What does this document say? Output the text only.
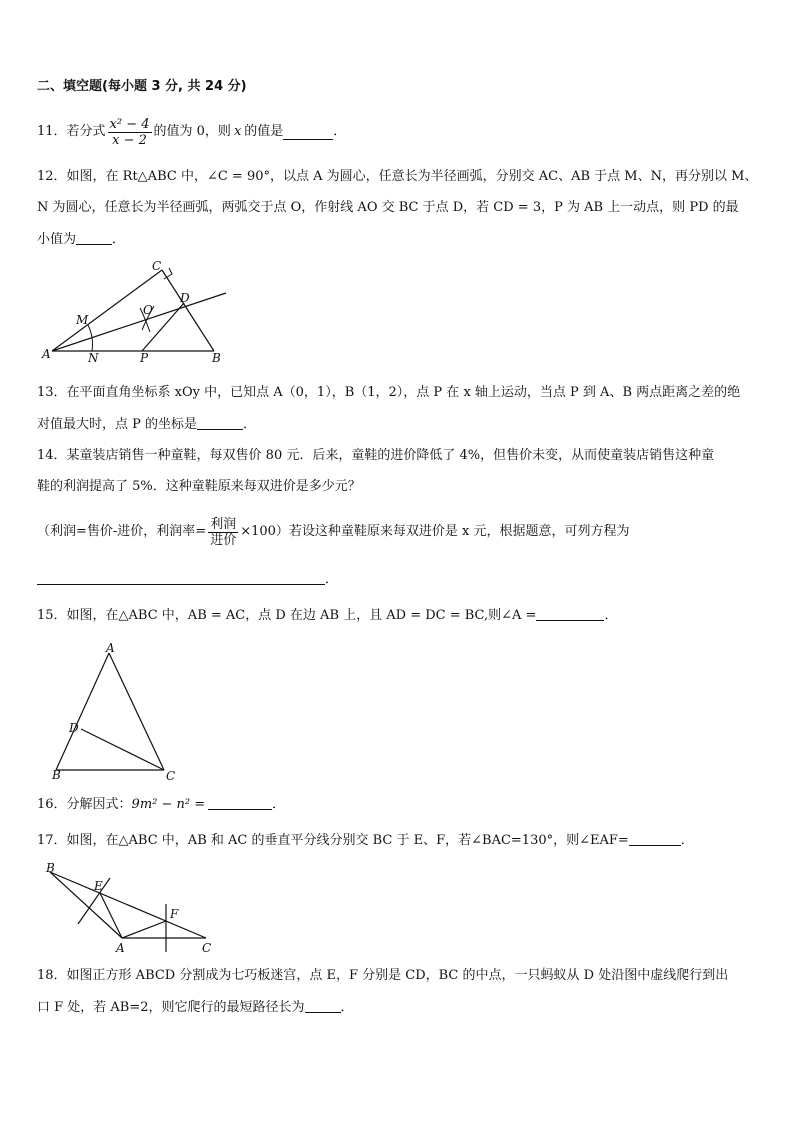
二、填空题(每小题 3 分, 共 24 分)
11．若分式 $\frac{\text{x² − 4}}{x - 2}$ 的值为 0，则 x 的值是	．
12．如图，在 Rt△ABC 中，∠C = 90°，以点 A 为圆心，任意长为半径画弧，分别交 AC、AB 于点 M、N，再分别以 M、
N 为圆心，任意长为半径画弧，两弧交于点 O，作射线 AO 交 BC 于点 D，若 CD = 3，P 为 AB 上一动点，则 PD 的最
小值为	．
C
D
O
M
A	N	P	B
13．在平面直角坐标系 xOy 中，已知点 A（0，1），B（1，2），点 P 在 x 轴上运动，当点 P 到 A、B 两点距离之差的绝
对值最大时，点 P 的坐标是	．
14．某童装店销售一种童鞋，每双售价 80 元．后来，童鞋的进价降低了 4%，但售价未变，从而使童装店销售这种童
鞋的利润提高了 5%．这种童鞋原来每双进价是多少元？
（利润=售价-进价，利润率= $\frac{\text{利润}}{\text{进价}} \times 100$）若设这种童鞋原来每双进价是 x 元，根据题意，可列方程为
．
15．如图，在△ABC 中，AB = AC，点 D 在边 AB 上，且 AD = DC = BC,则∠A =	．
A
D
B	C
16．分解因式：9m² − n² =	．
17．如图，在△ABC 中，AB 和 AC 的垂直平分线分别交 BC 于 E、F，若∠BAC=130°，则∠EAF=	．
B
E
F
A	C
18．如图正方形 ABCD 分割成为七巧板迷宫，点 E，F 分别是 CD，BC 的中点，一只蚂蚁从 D 处沿图中虚线爬行到出
口 F 处，若 AB=2，则它爬行的最短路径长为	．
